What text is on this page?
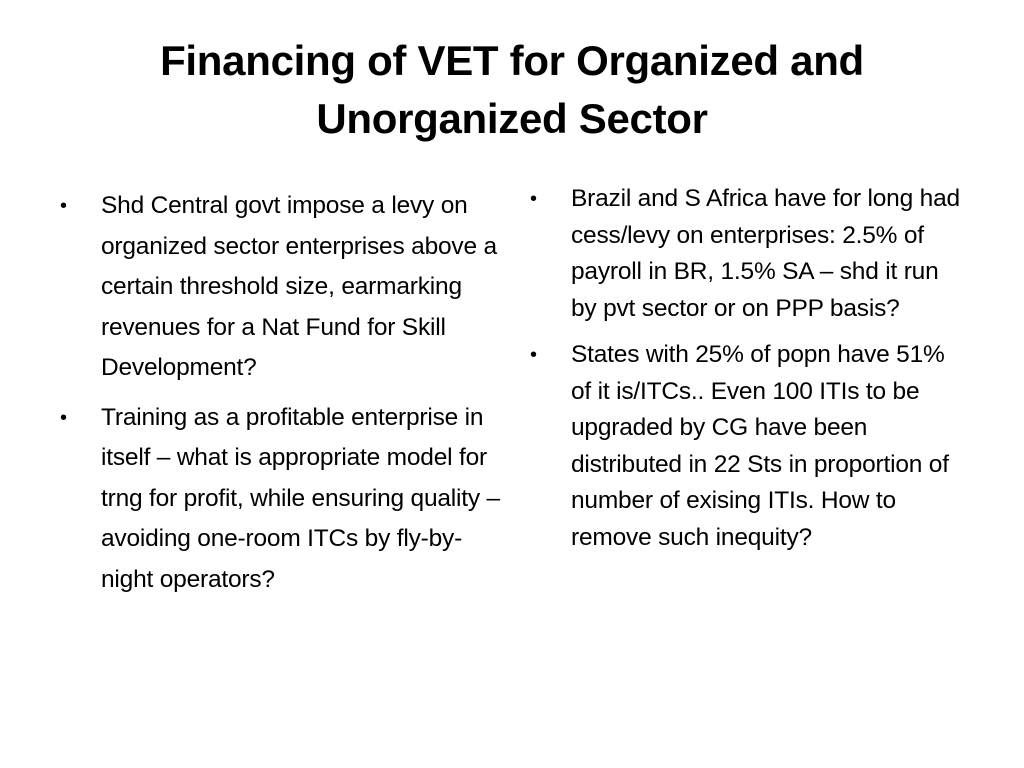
Financing of VET for Organized and Unorganized Sector
•	Shd Central govt impose a levy on organized sector enterprises above a certain threshold size, earmarking revenues for a Nat Fund for Skill Development?
•	Training as a profitable enterprise in itself – what is appropriate model for trng for profit, while ensuring quality – avoiding one-room ITCs by fly-by-night operators?
•	Brazil and S Africa have for long had cess/levy on enterprises: 2.5% of payroll in BR, 1.5% SA – shd it run by pvt sector or on PPP basis?
•	States with 25% of popn have 51% of it is/ITCs.. Even 100 ITIs to be upgraded by CG have been distributed in 22 Sts in proportion of number of exising ITIs. How to remove such inequity?
